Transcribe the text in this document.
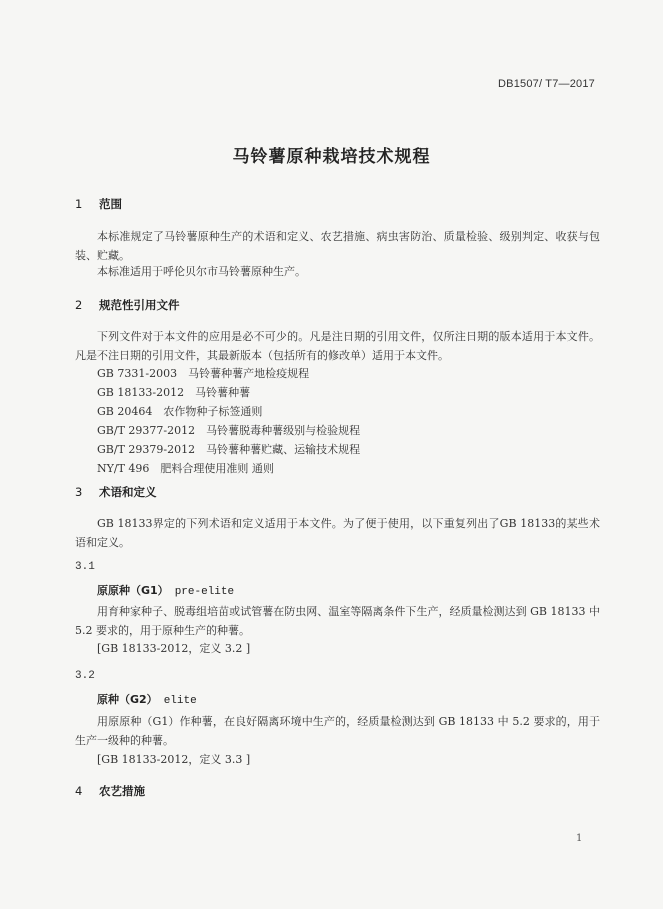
DB1507/ T7—2017
马铃薯原种栽培技术规程
1 范围
本标准规定了马铃薯原种生产的术语和定义、农艺措施、病虫害防治、质量检验、级别判定、收获与包装、贮藏。
本标准适用于呼伦贝尔市马铃薯原种生产。
2 规范性引用文件
下列文件对于本文件的应用是必不可少的。凡是注日期的引用文件，仅所注日期的版本适用于本文件。凡是不注日期的引用文件，其最新版本（包括所有的修改单）适用于本文件。
GB 7331-2003　马铃薯种薯产地检疫规程
GB 18133-2012　马铃薯种薯
GB 20464　农作物种子标签通则
GB/T 29377-2012　马铃薯脱毒种薯级别与检验规程
GB/T 29379-2012　马铃薯种薯贮藏、运输技术规程
NY/T 496　肥料合理使用准则 通则
3 术语和定义
GB 18133界定的下列术语和定义适用于本文件。为了便于使用，以下重复列出了GB 18133的某些术语和定义。
3.1
原原种（G1） pre-elite
用育种家种子、脱毒组培苗或试管薯在防虫网、温室等隔离条件下生产，经质量检测达到 GB 18133 中 5.2 要求的，用于原种生产的种薯。
[GB 18133-2012，定义 3.2 ]
3.2
原种（G2） elite
用原原种（G1）作种薯，在良好隔离环境中生产的，经质量检测达到 GB 18133 中 5.2 要求的，用于生产一级种的种薯。
[GB 18133-2012，定义 3.3 ]
4 农艺措施
1
